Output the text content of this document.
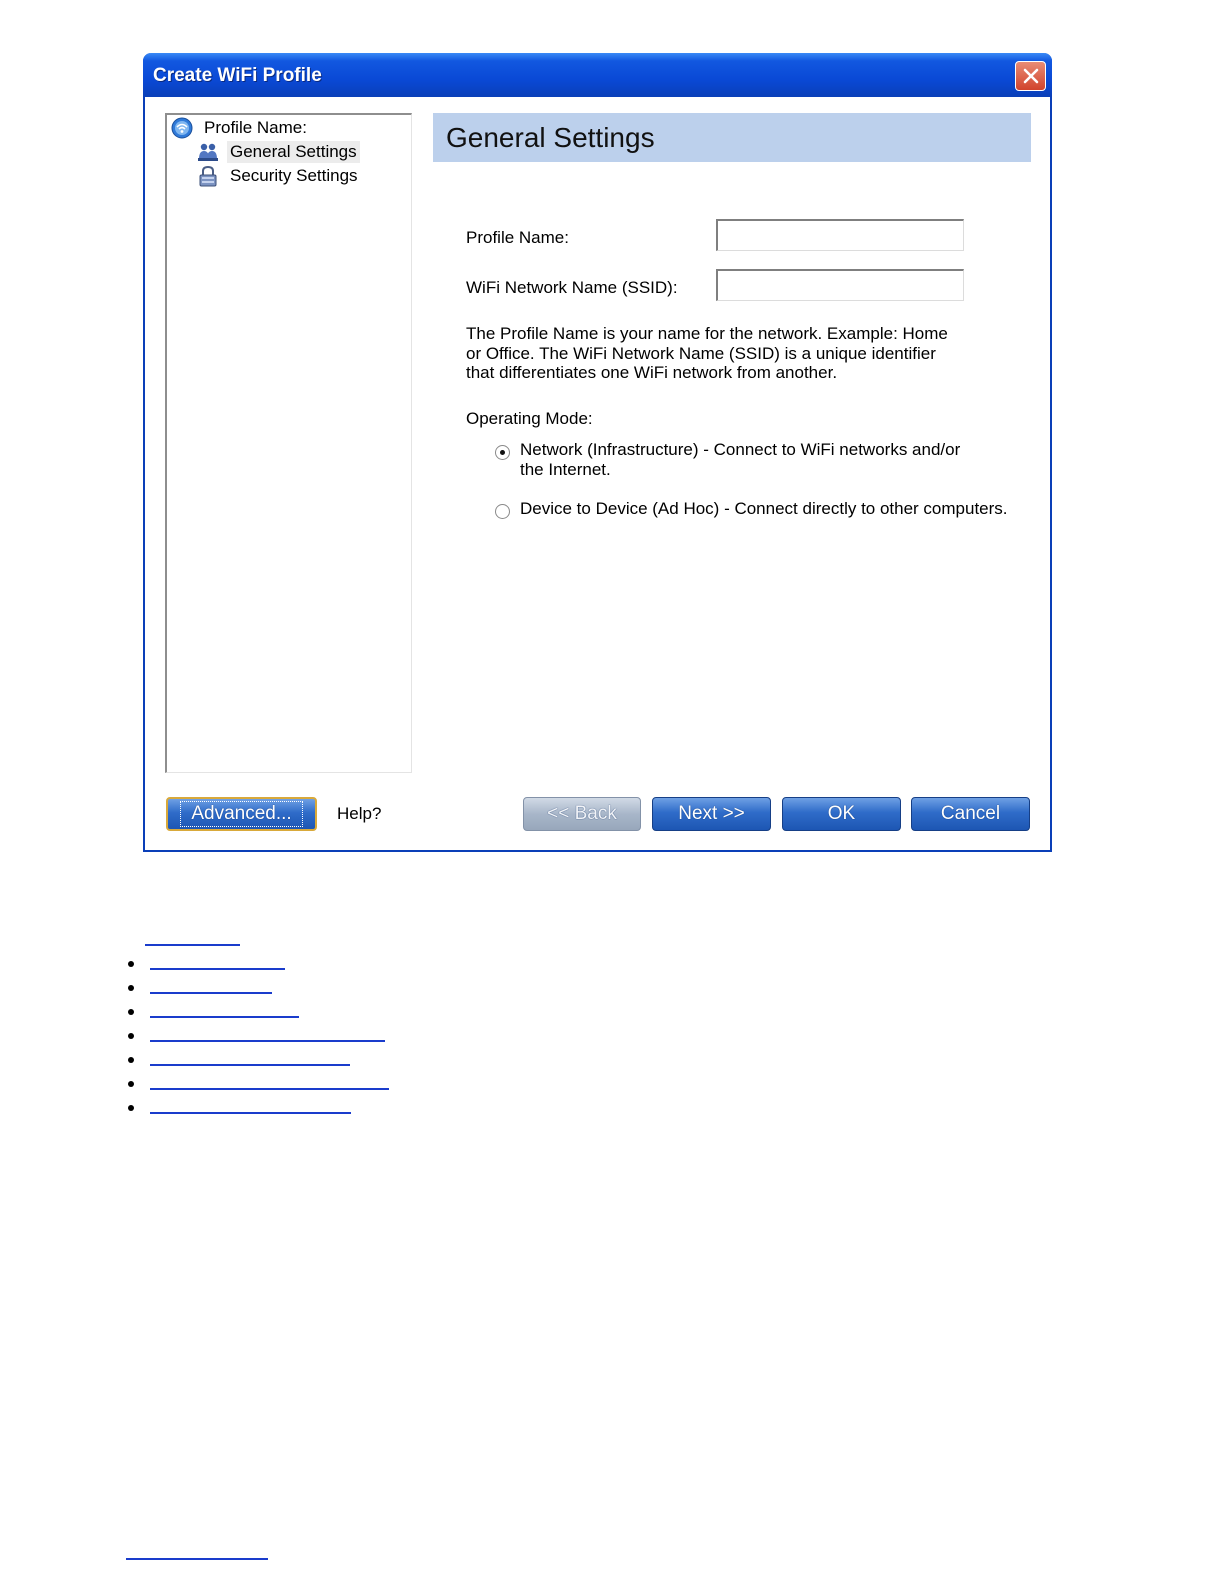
Create WiFi Profile
Profile Name:
General Settings
Security Settings
General Settings
Profile Name:
WiFi Network Name (SSID):
The Profile Name is your name for the network. Example: Home or Office. The WiFi Network Name (SSID) is a unique identifier that differentiates one WiFi network from another.
Operating Mode:
Network (Infrastructure) - Connect to WiFi networks and/or the Internet.
Device to Device (Ad Hoc) - Connect directly to other computers.
Advanced...	Help?	<< Back	Next >>	OK	Cancel
